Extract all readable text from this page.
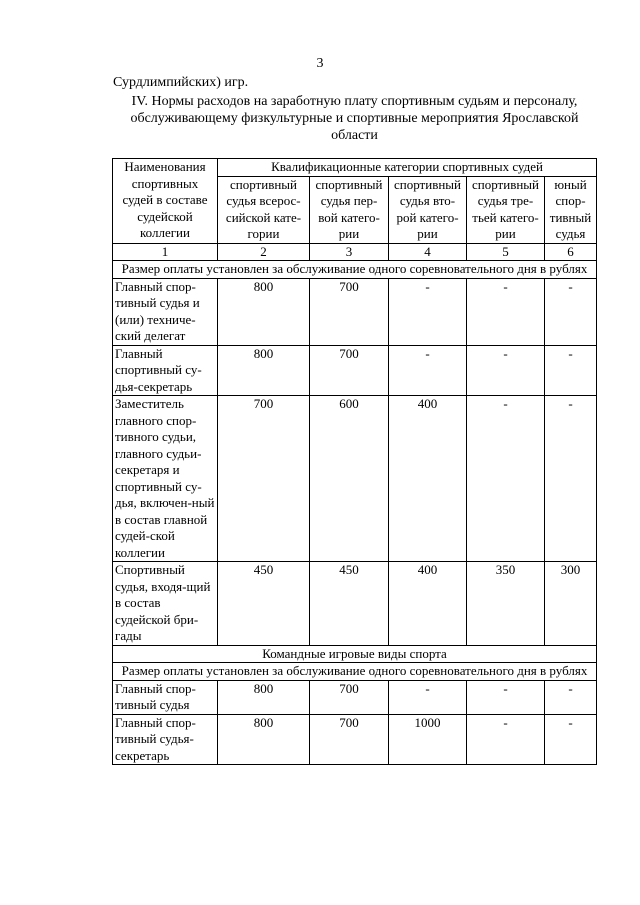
3
Сурдлимпийских) игр.
IV. Нормы расходов на заработную плату спортивным судьям и персоналу, обслуживающему физкультурные и спортивные мероприятия Ярославской области
Наименования спортивных судей в составе судейской коллегии	Квалификационные категории спортивных судей				
	спортивный судья всерос-сийской кате-гории	спортивный судья пер-вой катего-рии	спортивный судья вто-рой катего-рии	спортивный судья тре-тьей катего-рии	юный спор-тивный судья
1	2	3	4	5	6
Размер оплаты установлен за обслуживание одного соревновательного дня в рублях					
Главный спор-тивный судья и (или) техниче-ский делегат	800	700	-	-	-
Главный спортивный су-дья-секретарь	800	700	-	-	-
Заместитель главного спор-тивного судьи, главного судьи-секретаря и спортивный су-дья, включен-ный в состав главной судей-ской коллегии	700	600	400	-	-
Спортивный судья, входя-щий в состав судейской бри-гады	450	450	400	350	300
Командные игровые виды спорта					
Размер оплаты установлен за обслуживание одного соревновательного дня в рублях					
Главный спор-тивный судья	800	700	-	-	-
Главный спор-тивный судья-секретарь	800	700	1000	-	-
